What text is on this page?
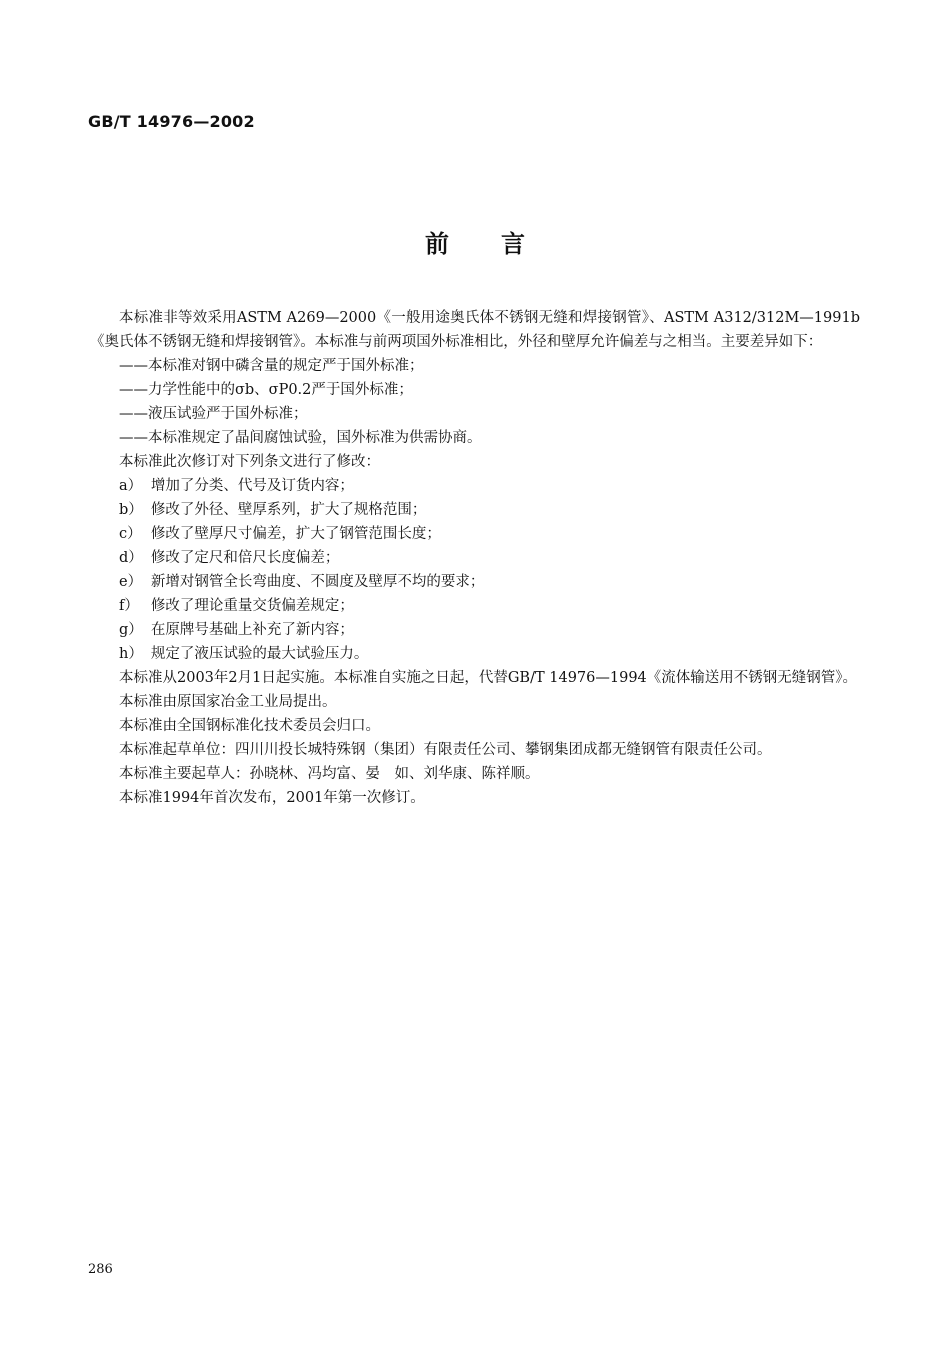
GB/T 14976—2002
前言

本标准非等效采用ASTM A269—2000《一般用途奥氏体不锈钢无缝和焊接钢管》、ASTM A312/312M—1991b《奥氏体不锈钢无缝和焊接钢管》。本标准与前两项国外标准相比，外径和壁厚允许偏差与之相当。主要差异如下：

——本标准对钢中磷含量的规定严于国外标准；

——力学性能中的σb、σP0.2严于国外标准；

——液压试验严于国外标准；

——本标准规定了晶间腐蚀试验，国外标准为供需协商。

本标准此次修订对下列条文进行了修改：

a） 增加了分类、代号及订货内容；

b） 修改了外径、壁厚系列，扩大了规格范围；

c） 修改了壁厚尺寸偏差，扩大了钢管范围长度；

d） 修改了定尺和倍尺长度偏差；

e） 新增对钢管全长弯曲度、不圆度及壁厚不均的要求；

f） 修改了理论重量交货偏差规定；

g） 在原牌号基础上补充了新内容；

h） 规定了液压试验的最大试验压力。

本标准从2003年2月1日起实施。本标准自实施之日起，代替GB/T 14976—1994《流体输送用不锈钢无缝钢管》。

本标准由原国家冶金工业局提出。

本标准由全国钢标准化技术委员会归口。

本标准起草单位：四川川投长城特殊钢（集团）有限责任公司、攀钢集团成都无缝钢管有限责任公司。

本标准主要起草人：孙晓林、冯均富、晏　如、刘华康、陈祥顺。

本标准1994年首次发布，2001年第一次修订。

286
